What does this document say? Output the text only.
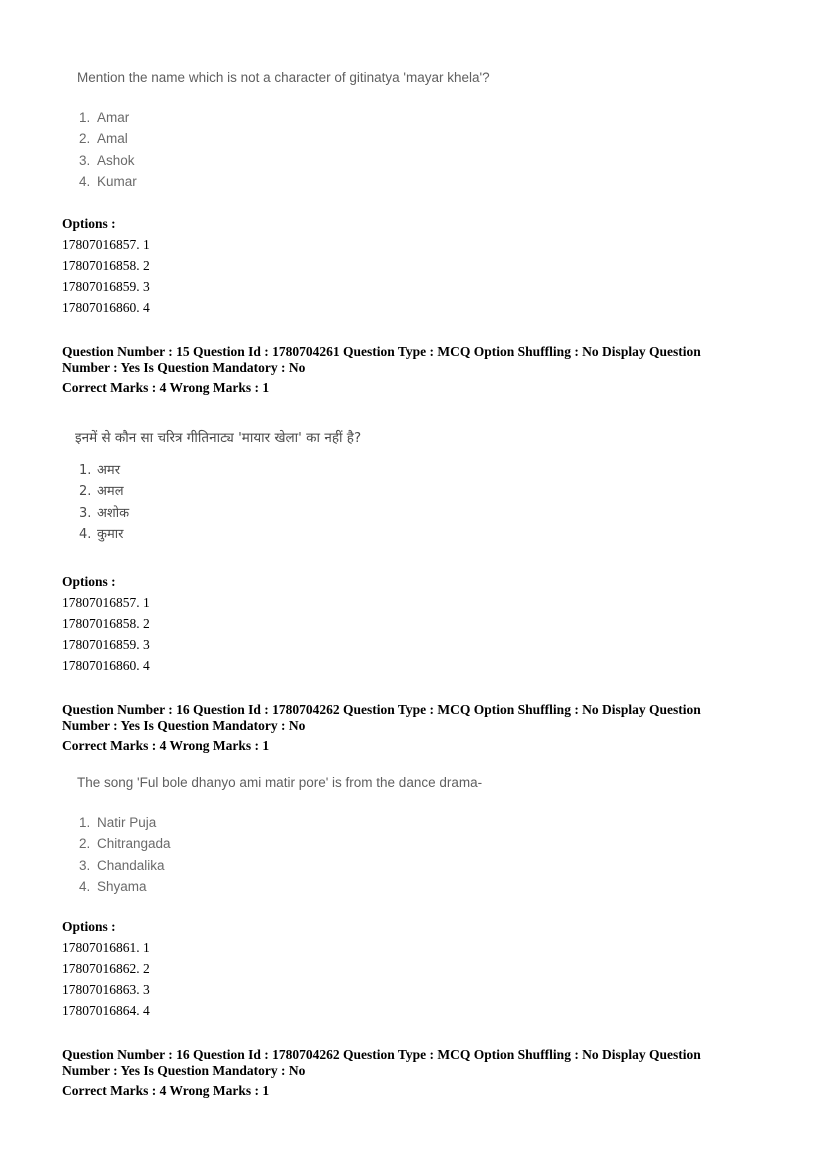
Mention the name which is not a character of gitinatya 'mayar khela'?
1. Amar
2. Amal
3. Ashok
4. Kumar
Options :
17807016857. 1
17807016858. 2
17807016859. 3
17807016860. 4
Question Number : 15 Question Id : 1780704261 Question Type : MCQ Option Shuffling : No Display Question
Number : Yes Is Question Mandatory : No
Correct Marks : 4 Wrong Marks : 1
इनमें से कौन सा चरित्र गीतिनाट्य 'मायार खेला' का नहीं है?
1. अमर
2. अमल
3. अशोक
4. कुमार
Options :
17807016857. 1
17807016858. 2
17807016859. 3
17807016860. 4
Question Number : 16 Question Id : 1780704262 Question Type : MCQ Option Shuffling : No Display Question
Number : Yes Is Question Mandatory : No
Correct Marks : 4 Wrong Marks : 1
The song 'Ful bole dhanyo ami matir pore' is from the dance drama-
1. Natir Puja
2. Chitrangada
3. Chandalika
4. Shyama
Options :
17807016861. 1
17807016862. 2
17807016863. 3
17807016864. 4
Question Number : 16 Question Id : 1780704262 Question Type : MCQ Option Shuffling : No Display Question
Number : Yes Is Question Mandatory : No
Correct Marks : 4 Wrong Marks : 1
